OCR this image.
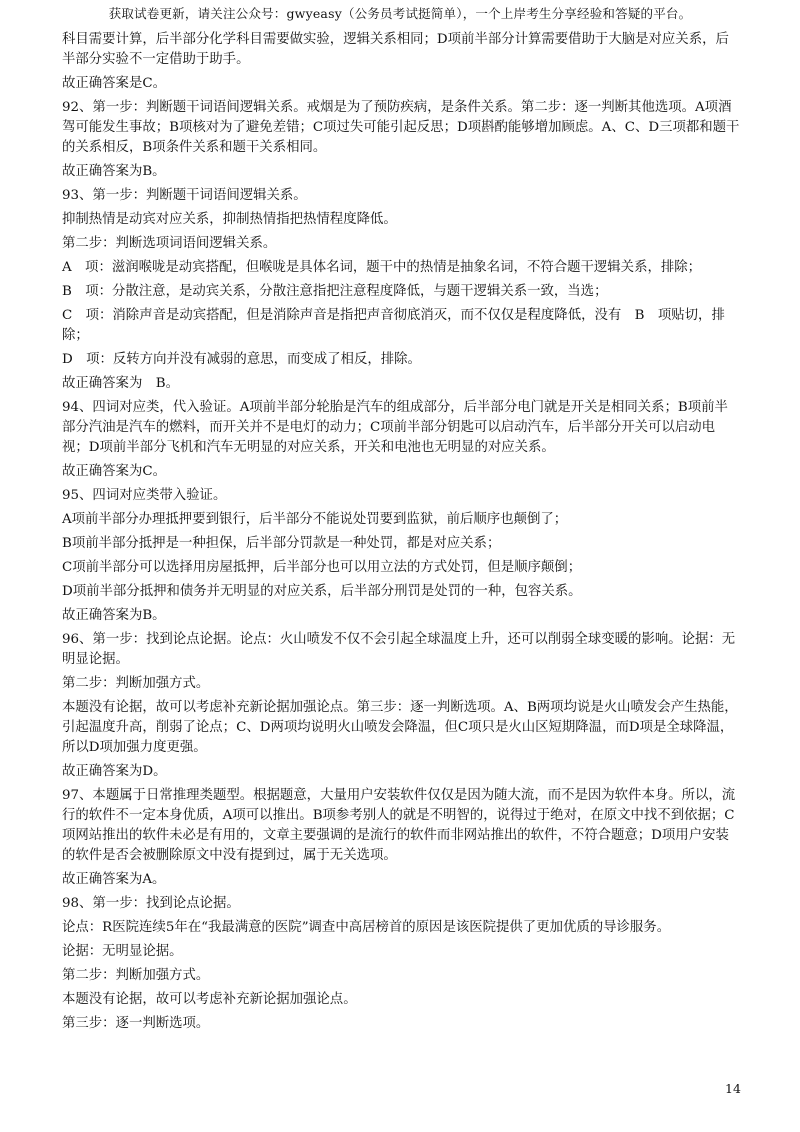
获取试卷更新，请关注公众号：gwyeasy（公务员考试挺简单），一个上岸考生分享经验和答疑的平台。

科目需要计算，后半部分化学科目需要做实验，逻辑关系相同；D项前半部分计算需要借助于大脑是对应关系，后半部分实验不一定借助于助手。

故正确答案是C。

92、第一步：判断题干词语间逻辑关系。戒烟是为了预防疾病，是条件关系。第二步：逐一判断其他选项。A项酒驾可能发生事故；B项核对为了避免差错；C项过失可能引起反思；D项斟酌能够增加顾虑。A、C、D三项都和题干的关系相反，B项条件关系和题干关系相同。

故正确答案为B。

93、第一步：判断题干词语间逻辑关系。

抑制热情是动宾对应关系，抑制热情指把热情程度降低。

第二步：判断选项词语间逻辑关系。

A　项：滋润喉咙是动宾搭配，但喉咙是具体名词，题干中的热情是抽象名词，不符合题干逻辑关系，排除；

B　项：分散注意，是动宾关系，分散注意指把注意程度降低，与题干逻辑关系一致，当选；

C　项：消除声音是动宾搭配，但是消除声音是指把声音彻底消灭，而不仅仅是程度降低，没有　B　项贴切，排除；

D　项：反转方向并没有减弱的意思，而变成了相反，排除。

故正确答案为　B。

94、四词对应类，代入验证。A项前半部分轮胎是汽车的组成部分，后半部分电门就是开关是相同关系；B项前半部分汽油是汽车的燃料，而开关并不是电灯的动力；C项前半部分钥匙可以启动汽车，后半部分开关可以启动电视；D项前半部分飞机和汽车无明显的对应关系，开关和电池也无明显的对应关系。

故正确答案为C。

95、四词对应类带入验证。

A项前半部分办理抵押要到银行，后半部分不能说处罚要到监狱，前后顺序也颠倒了；

B项前半部分抵押是一种担保，后半部分罚款是一种处罚，都是对应关系；

C项前半部分可以选择用房屋抵押，后半部分也可以用立法的方式处罚，但是顺序颠倒；

D项前半部分抵押和债务并无明显的对应关系，后半部分刑罚是处罚的一种，包容关系。

故正确答案为B。

96、第一步：找到论点论据。论点：火山喷发不仅不会引起全球温度上升，还可以削弱全球变暖的影响。论据：无明显论据。

第二步：判断加强方式。

本题没有论据，故可以考虑补充新论据加强论点。第三步：逐一判断选项。A、B两项均说是火山喷发会产生热能，引起温度升高，削弱了论点；C、D两项均说明火山喷发会降温，但C项只是火山区短期降温，而D项是全球降温，所以D项加强力度更强。

故正确答案为D。

97、本题属于日常推理类题型。根据题意，大量用户安装软件仅仅是因为随大流，而不是因为软件本身。所以，流行的软件不一定本身优质，A项可以推出。B项参考别人的就是不明智的，说得过于绝对，在原文中找不到依据；C项网站推出的软件未必是有用的，文章主要强调的是流行的软件而非网站推出的软件，不符合题意；D项用户安装的软件是否会被删除原文中没有提到过，属于无关选项。

故正确答案为A。

98、第一步：找到论点论据。

论点：R医院连续5年在“我最满意的医院”调查中高居榜首的原因是该医院提供了更加优质的导诊服务。

论据：无明显论据。

第二步：判断加强方式。

本题没有论据，故可以考虑补充新论据加强论点。

第三步：逐一判断选项。

14
